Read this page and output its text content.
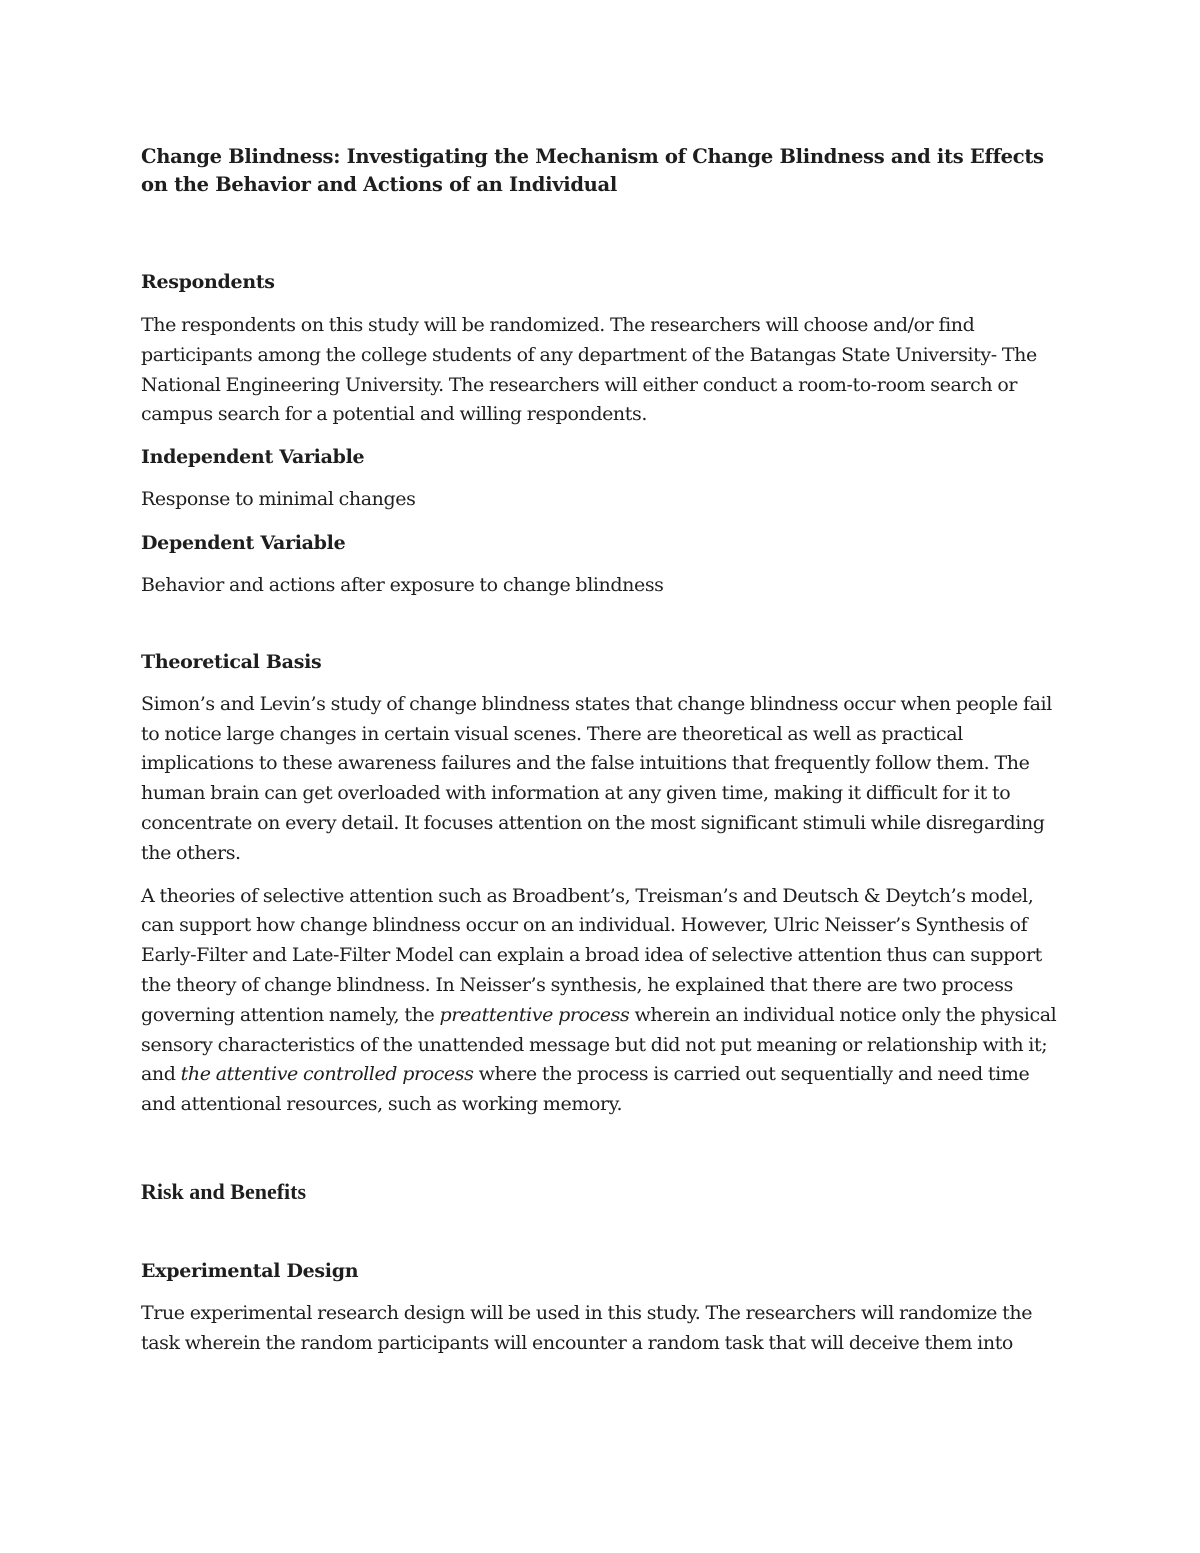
Change Blindness: Investigating the Mechanism of Change Blindness and its Effects on the Behavior and Actions of an Individual
Respondents

The respondents on this study will be randomized. The researchers will choose and/or find participants among the college students of any department of the Batangas State University- The National Engineering University. The researchers will either conduct a room-to-room search or campus search for a potential and willing respondents.

Independent Variable

Response to minimal changes

Dependent Variable

Behavior and actions after exposure to change blindness

Theoretical Basis

Simon’s and Levin’s study of change blindness states that change blindness occur when people fail to notice large changes in certain visual scenes. There are theoretical as well as practical implications to these awareness failures and the false intuitions that frequently follow them. The human brain can get overloaded with information at any given time, making it difficult for it to concentrate on every detail. It focuses attention on the most significant stimuli while disregarding the others.

A theories of selective attention such as Broadbent’s, Treisman’s and Deutsch & Deytch’s model, can support how change blindness occur on an individual. However, Ulric Neisser’s Synthesis of Early-Filter and Late-Filter Model can explain a broad idea of selective attention thus can support the theory of change blindness. In Neisser’s synthesis, he explained that there are two process governing attention namely, the preattentive process wherein an individual notice only the physical sensory characteristics of the unattended message but did not put meaning or relationship with it; and the attentive controlled process where the process is carried out sequentially and need time and attentional resources, such as working memory.

Risk and Benefits
Experimental Design

True experimental research design will be used in this study. The researchers will randomize the task wherein the random participants will encounter a random task that will deceive them into
